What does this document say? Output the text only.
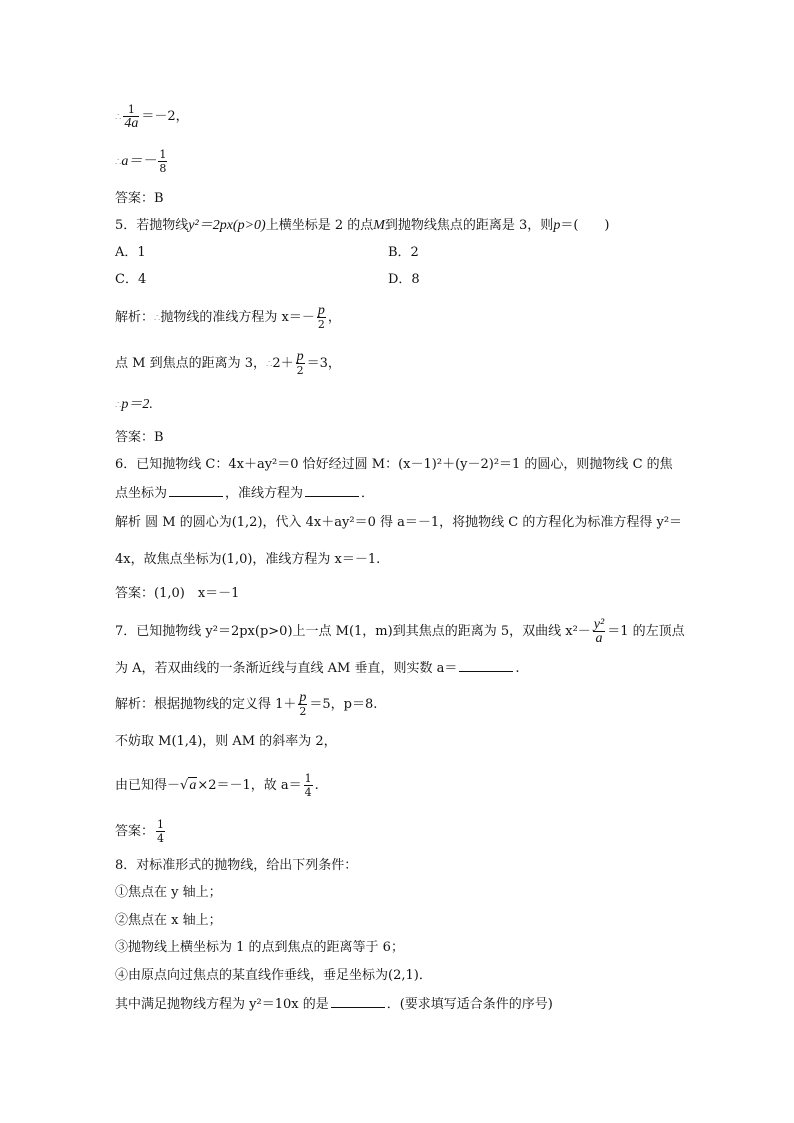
∴ $\frac{1}{4a} =-2$，
∴a＝－ $\frac{1}{8}$
答案：B
5．若抛物线y²＝2px(p>0)上横坐标是 2 的点M到抛物线焦点的距离是 3，则p＝(　　)
A．1	B．2
C．4	D．8
解析：∴抛物线的准线方程为 $x=- \frac{p}{2}$ ，
点 M 到焦点的距离为 3，∴2＋ $\frac{p}{2} =3$，
∴p＝2.
答案：B
6．已知抛物线 C：4x＋ay²＝0 恰好经过圆 M：(x－1)²＋(y－2)²＝1 的圆心，则抛物线 C 的焦
点坐标为	，准线方程为	．
解析 圆 M 的圆心为(1,2)，代入 4x＋ay²＝0 得 a＝－1，将抛物线 C 的方程化为标准方程得 y²＝
4x，故焦点坐标为(1,0)，准线方程为 x＝－1.
答案：(1,0)　x＝－1
7．已知抛物线 y²＝2px(p>0)上一点 M(1，m)到其焦点的距离为 5，双曲线 $x^2- \frac{\text{y²}}{a} =1$ 的左顶点
为 A，若双曲线的一条渐近线与直线 AM 垂直，则实数 a＝	.
解析：根据抛物线的定义得 $1+ \frac{p}{2} =5$，p＝8.
不妨取 M(1,4)，则 AM 的斜率为 2，
由已知得－√a×2＝－1，故 $a= \frac{1}{4}$ .
答案： $\frac{1}{4}$
8．对标准形式的抛物线，给出下列条件：
①焦点在 y 轴上；
②焦点在 x 轴上；
③抛物线上横坐标为 1 的点到焦点的距离等于 6；
④由原点向过焦点的某直线作垂线，垂足坐标为(2,1)．
其中满足抛物线方程为 y²＝10x 的是	．(要求填写适合条件的序号)
